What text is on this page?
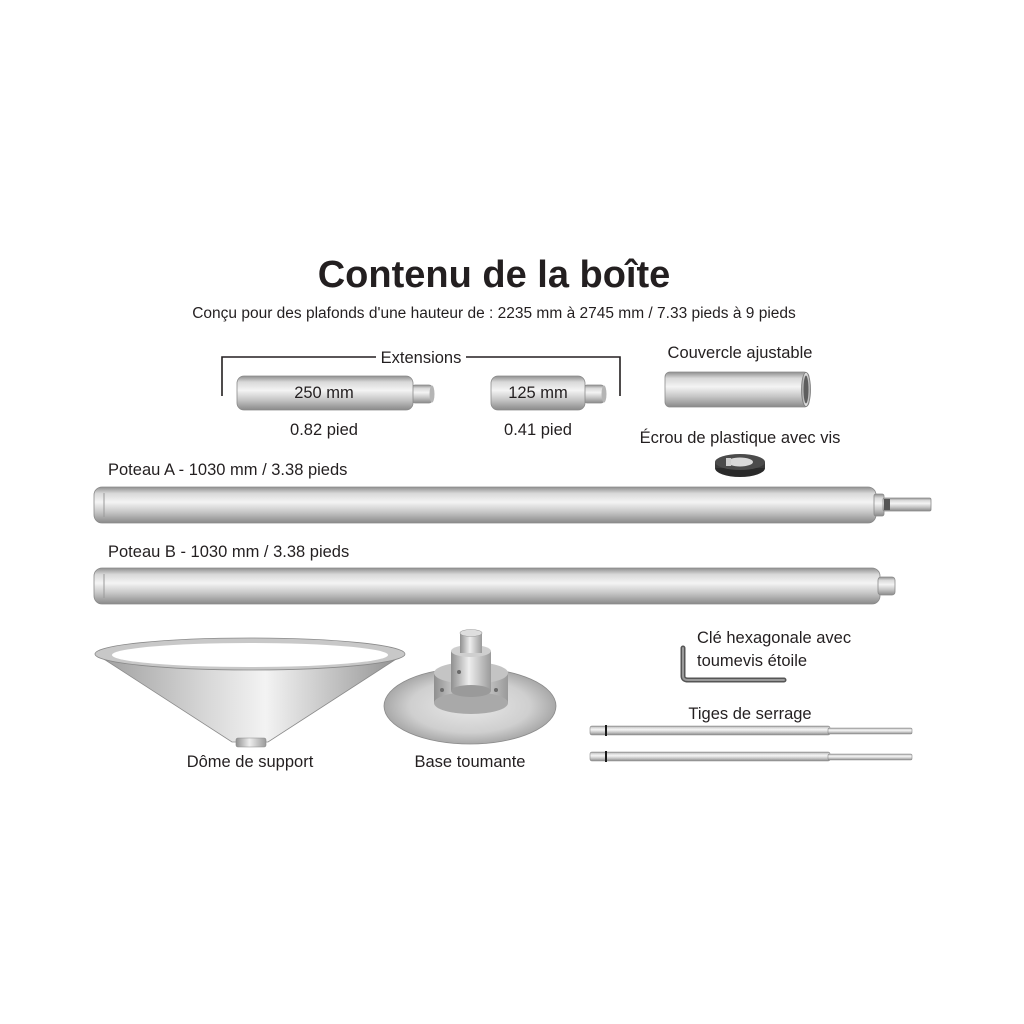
Contenu de la boîte
Conçu pour des plafonds d'une hauteur de : 2235 mm à 2745 mm / 7.33 pieds à 9 pieds
Extensions
250 mm
0.82 pied
125 mm
0.41 pied
Couvercle ajustable
Écrou de plastique avec vis
Poteau A - 1030 mm / 3.38 pieds
Poteau B - 1030 mm / 3.38 pieds
Dôme de support	Base toumante
Clé hexagonale avec
toumevis étoile
Tiges de serrage
